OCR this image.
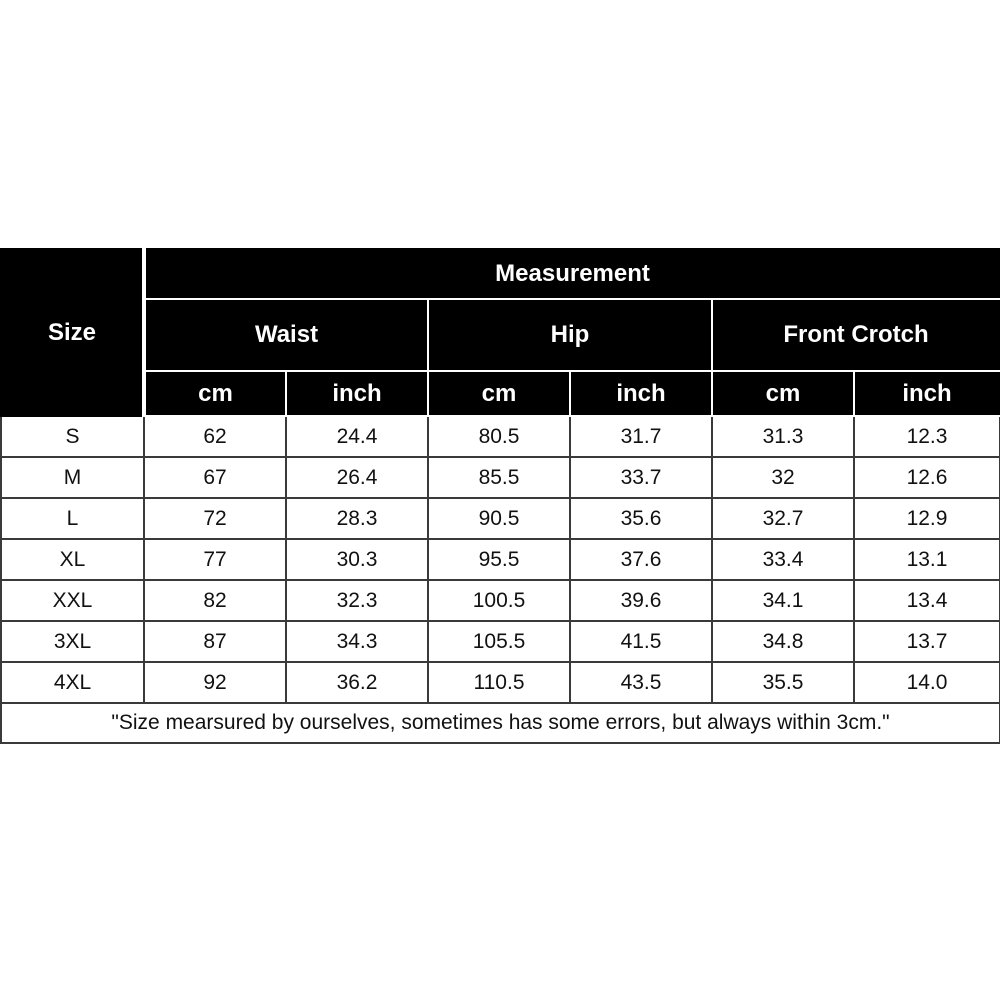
Size	Measurement					
	Waist		Hip		Front Crotch	
	cm	inch	cm	inch	cm	inch
S	62	24.4	80.5	31.7	31.3	12.3
M	67	26.4	85.5	33.7	32	12.6
L	72	28.3	90.5	35.6	32.7	12.9
XL	77	30.3	95.5	37.6	33.4	13.1
XXL	82	32.3	100.5	39.6	34.1	13.4
3XL	87	34.3	105.5	41.5	34.8	13.7
4XL	92	36.2	110.5	43.5	35.5	14.0
"Size mearsured by ourselves, sometimes has some errors, but always within 3cm."						
